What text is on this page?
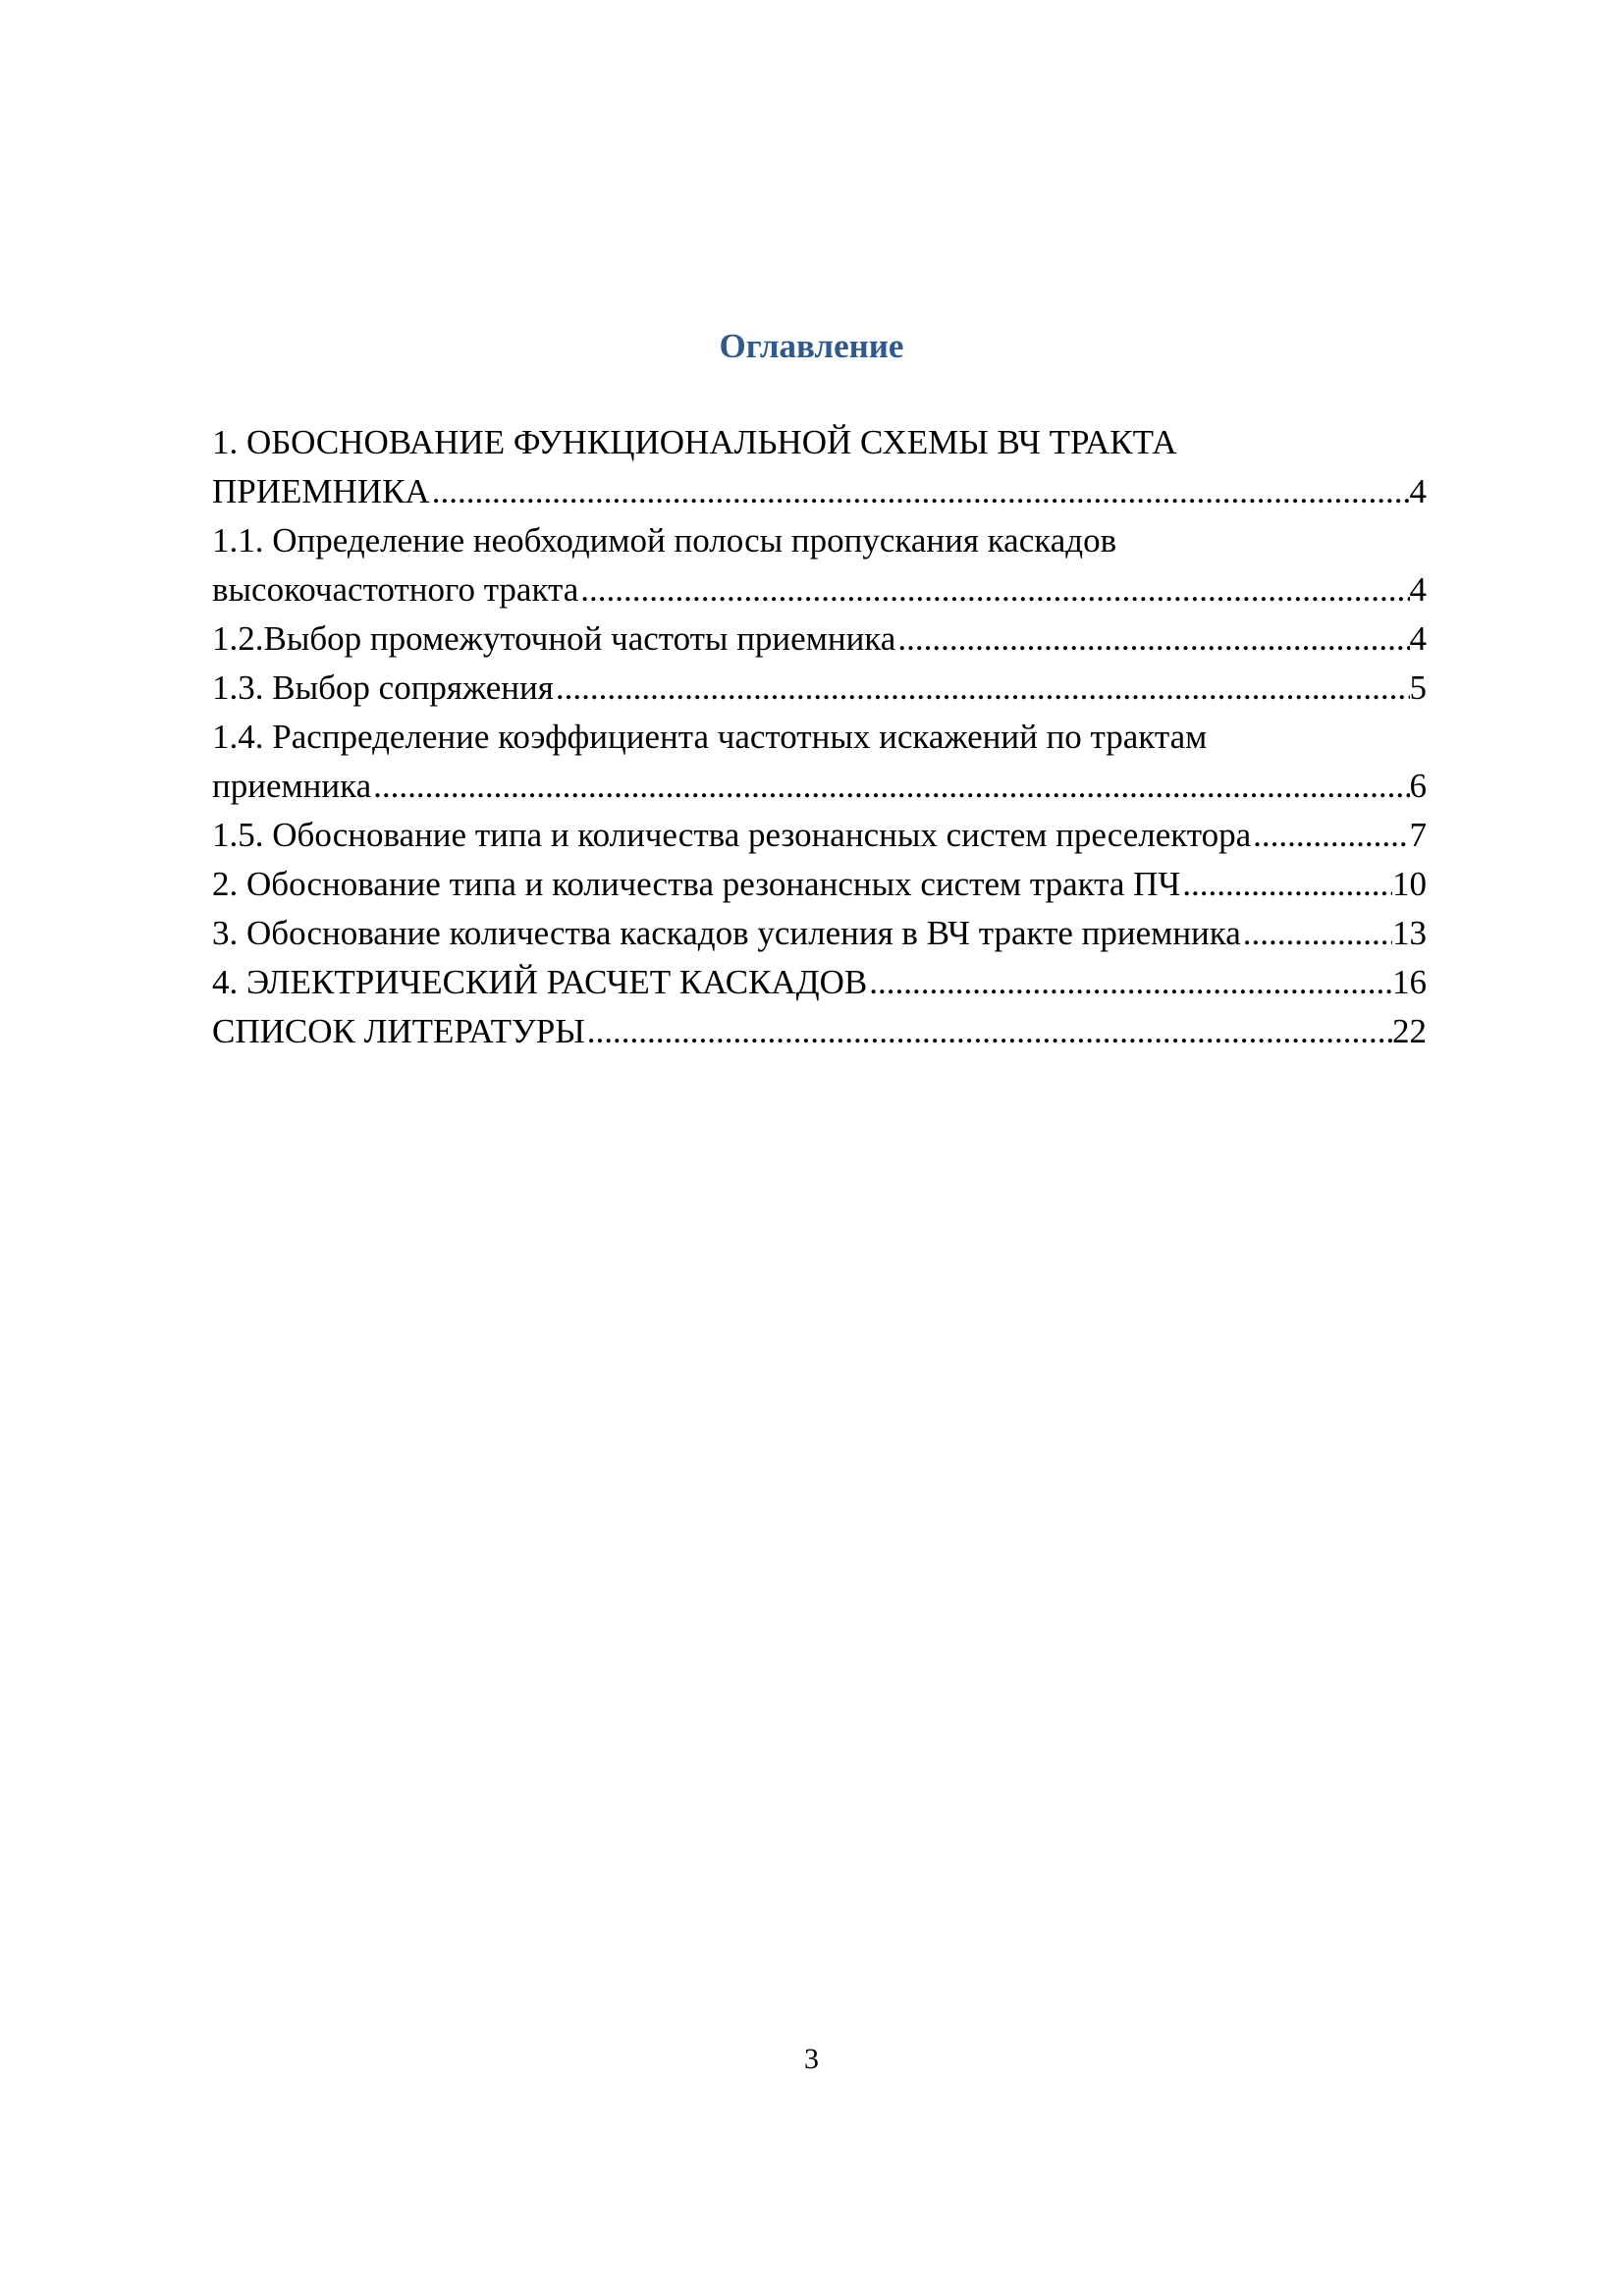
Оглавление
1. ОБОСНОВАНИЕ ФУНКЦИОНАЛЬНОЙ СХЕМЫ ВЧ ТРАКТА
ПРИЕМНИКА .....	4
1.1. Определение необходимой полосы пропускания каскадов
высокочастотного тракта .....	4
1.2.Выбор промежуточной частоты приемника .....	4
1.3. Выбор сопряжения .....	5
1.4. Распределение коэффициента частотных искажений по трактам
приемника .....	6
1.5. Обоснование типа и количества резонансных систем преселектора .....	7
2. Обоснование типа и количества резонансных систем тракта ПЧ .....	10
3. Обоснование количества каскадов усиления в ВЧ тракте приемника .....	13
4. ЭЛЕКТРИЧЕСКИЙ РАСЧЕТ КАСКАДОВ .....	16
СПИСОК ЛИТЕРАТУРЫ .....	22
3
